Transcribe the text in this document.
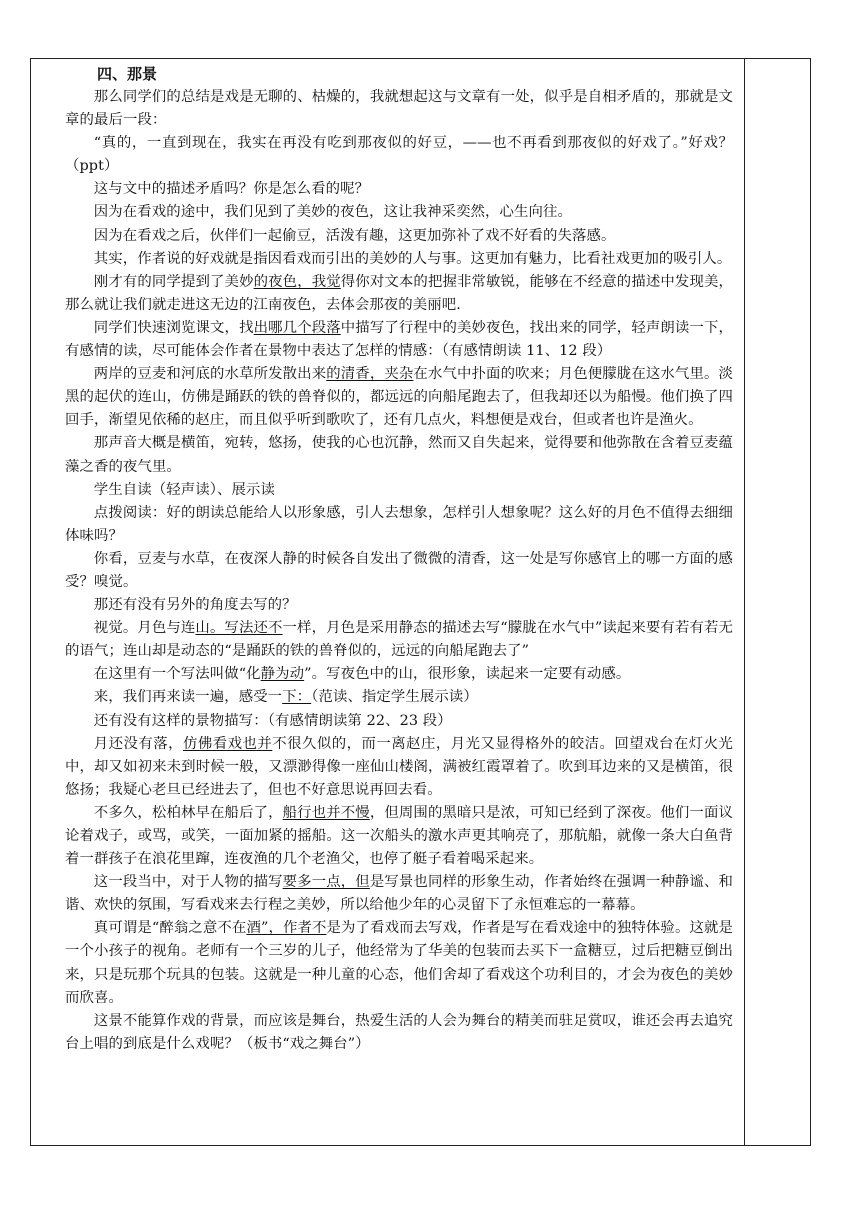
四、那景

那么同学们的总结是戏是无聊的、枯燥的，我就想起这与文章有一处，似乎是自相矛盾的，那就是文章的最后一段：

“真的，一直到现在，我实在再没有吃到那夜似的好豆，——也不再看到那夜似的好戏了。”好戏？（ppt）

这与文中的描述矛盾吗？你是怎么看的呢？

因为在看戏的途中，我们见到了美妙的夜色，这让我神采奕然，心生向往。

因为在看戏之后，伙伴们一起偷豆，活泼有趣，这更加弥补了戏不好看的失落感。

其实，作者说的好戏就是指因看戏而引出的美妙的人与事。这更加有魅力，比看社戏更加的吸引人。

刚才有的同学提到了美妙的夜色，我觉得你对文本的把握非常敏锐，能够在不经意的描述中发现美，那么就让我们就走进这无边的江南夜色，去体会那夜的美丽吧.

同学们快速浏览课文，找出哪几个段落中描写了行程中的美妙夜色，找出来的同学，轻声朗读一下，有感情的读，尽可能体会作者在景物中表达了怎样的情感：（有感情朗读 11、12 段）

两岸的豆麦和河底的水草所发散出来的清香，夹杂在水气中扑面的吹来；月色便朦胧在这水气里。淡黑的起伏的连山，仿佛是踊跃的铁的兽脊似的，都远远的向船尾跑去了，但我却还以为船慢。他们换了四回手，渐望见依稀的赵庄，而且似乎听到歌吹了，还有几点火，料想便是戏台，但或者也许是渔火。

那声音大概是横笛，宛转，悠扬，使我的心也沉静，然而又自失起来，觉得要和他弥散在含着豆麦蕴藻之香的夜气里。

学生自读（轻声读）、展示读

点拨阅读：好的朗读总能给人以形象感，引人去想象，怎样引人想象呢？这么好的月色不值得去细细体味吗？

你看，豆麦与水草，在夜深人静的时候各自发出了微微的清香，这一处是写你感官上的哪一方面的感受？嗅觉。

那还有没有另外的角度去写的？

视觉。月色与连山。写法还不一样，月色是采用静态的描述去写“朦胧在水气中”读起来要有若有若无的语气；连山却是动态的“是踊跃的铁的兽脊似的，远远的向船尾跑去了”

在这里有一个写法叫做“化静为动”。写夜色中的山，很形象，读起来一定要有动感。

来，我们再来读一遍，感受一下：（范读、指定学生展示读）

还有没有这样的景物描写：（有感情朗读第 22、23 段）

月还没有落，仿佛看戏也并不很久似的，而一离赵庄，月光又显得格外的皎洁。回望戏台在灯火光中，却又如初来未到时候一般，又漂渺得像一座仙山楼阁，满被红霞罩着了。吹到耳边来的又是横笛，很悠扬；我疑心老旦已经进去了，但也不好意思说再回去看。

不多久，松柏林早在船后了，船行也并不慢，但周围的黑暗只是浓，可知已经到了深夜。他们一面议论着戏子，或骂，或笑，一面加紧的摇船。这一次船头的激水声更其响亮了，那航船，就像一条大白鱼背着一群孩子在浪花里蹿，连夜渔的几个老渔父，也停了艇子看着喝采起来。

这一段当中，对于人物的描写要多一点，但是写景也同样的形象生动，作者始终在强调一种静谧、和谐、欢快的氛围，写看戏来去行程之美妙，所以给他少年的心灵留下了永恒难忘的一幕幕。

真可谓是“醉翁之意不在酒”，作者不是为了看戏而去写戏，作者是写在看戏途中的独特体验。这就是一个小孩子的视角。老师有一个三岁的儿子，他经常为了华美的包装而去买下一盒糖豆，过后把糖豆倒出来，只是玩那个玩具的包装。这就是一种儿童的心态，他们舍却了看戏这个功利目的，才会为夜色的美妙而欣喜。

这景不能算作戏的背景，而应该是舞台，热爱生活的人会为舞台的精美而驻足赏叹，谁还会再去追究台上唱的到底是什么戏呢？（板书“戏之舞台”）
